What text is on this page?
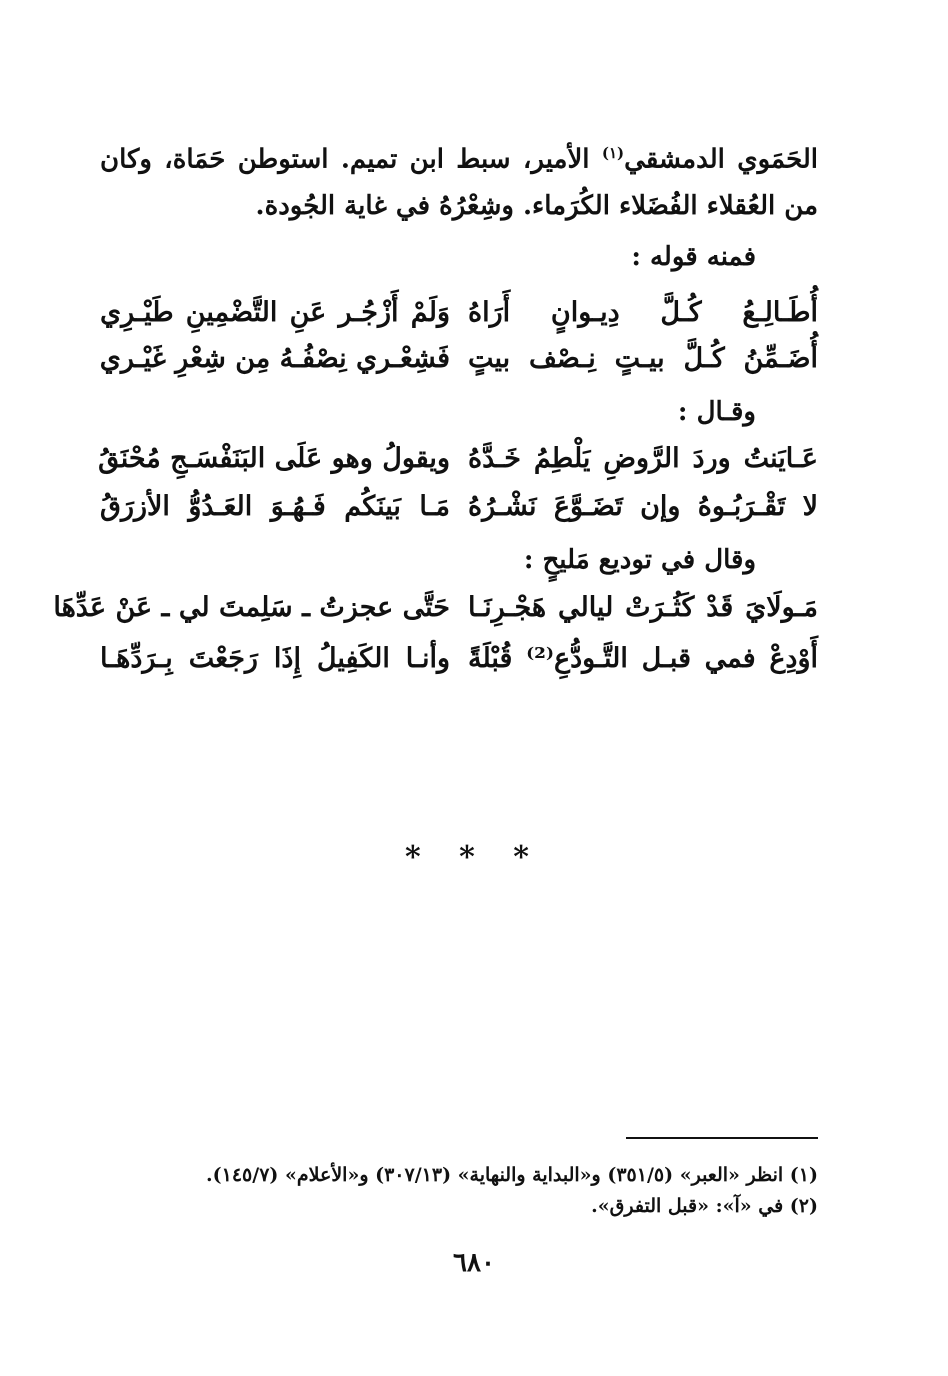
الحَمَوي الدمشقي$^{(١)}$ الأمير، سبط ابن تميم. استوطن حَمَاة، وكان من العُقلاء الفُضَلاء الكُرَماء. وشِعْرُهُ في غاية الجُودة.
فمنه قوله :
أُطَـالِـعُ كُـلَّ دِيـوانٍ أَرَاهُ
وَلَمْ أَزْجُـر عَنِ التَّضْمِينِ طَيْـرِي
أُضَـمِّنُ كُـلَّ بيـتٍ نِـصْف بيتٍ
فَشِعْـري نِصْفُـهُ مِن شِعْرِ غَيْـري
وقـال :
عَـايَنتُ وردَ الرَّوضِ يَلْطِمُ خَـدَّهُ
ويقولُ وهو عَلَى البَنَفْسَـجِ مُحْنَقُ
لا تَقْـرَبُـوهُ وإن تَضَـوَّعَ نَشْـرُهُ
مَـا بَينَكُم فَـهُـوَ العَـدُوُّ الأزرَقُ
وقال في توديع مَليحٍ :
مَـولَايَ قَدْ كَثُـرَتْ ليالي هَجْـرِنَـا
حَتَّى عجزتُ ـ سَلِمتَ لي ـ عَنْ عَدِّهَا
أَوْدِعْ فمي قبـل التَّـودُّعِ⁽²⁾ قُبْلَةً
وأنـا الكَفِيلُ إِذَا رَجَعْتَ بِـرَدِّهَـا
* * *
(١) انظر «العبر» (٣٥١/٥) و«البداية والنهاية» (٣٠٧/١٣) و«الأعلام» (١٤٥/٧).
(٢) في «آ»: «قبل التفرق».
٦٨٠
